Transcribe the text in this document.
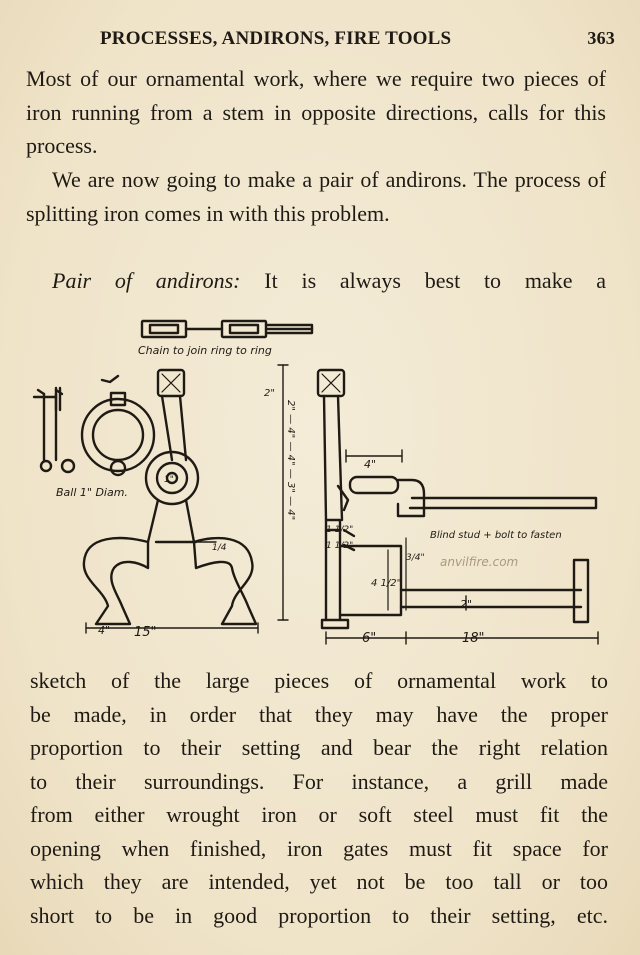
PROCESSES, ANDIRONS, FIRE TOOLS	363
Most of our ornamental work, where we require two pieces of iron running from a stem in opposite directions, calls for this process.
We are now going to make a pair of andirons. The process of splitting iron comes in with this problem.
Pair of andirons: It is always best to make a
Chain to join ring to ring
Ball 1" Diam.
Blind stud + bolt to fasten
15"	18"
6"
4"
4"
2"
2"
4 1/2"
1 1/2"
1 1/2"
3/4"
1"
1/4
2" — 4" — 4" — 3" — 4"
anvilfire.com
sketch of the large pieces of ornamental work to
be made, in order that they may have the proper
proportion to their setting and bear the right relation
to their surroundings. For instance, a grill made
from either wrought iron or soft steel must fit the
opening when finished, iron gates must fit space for
which they are intended, yet not be too tall or too
short to be in good proportion to their setting, etc.
